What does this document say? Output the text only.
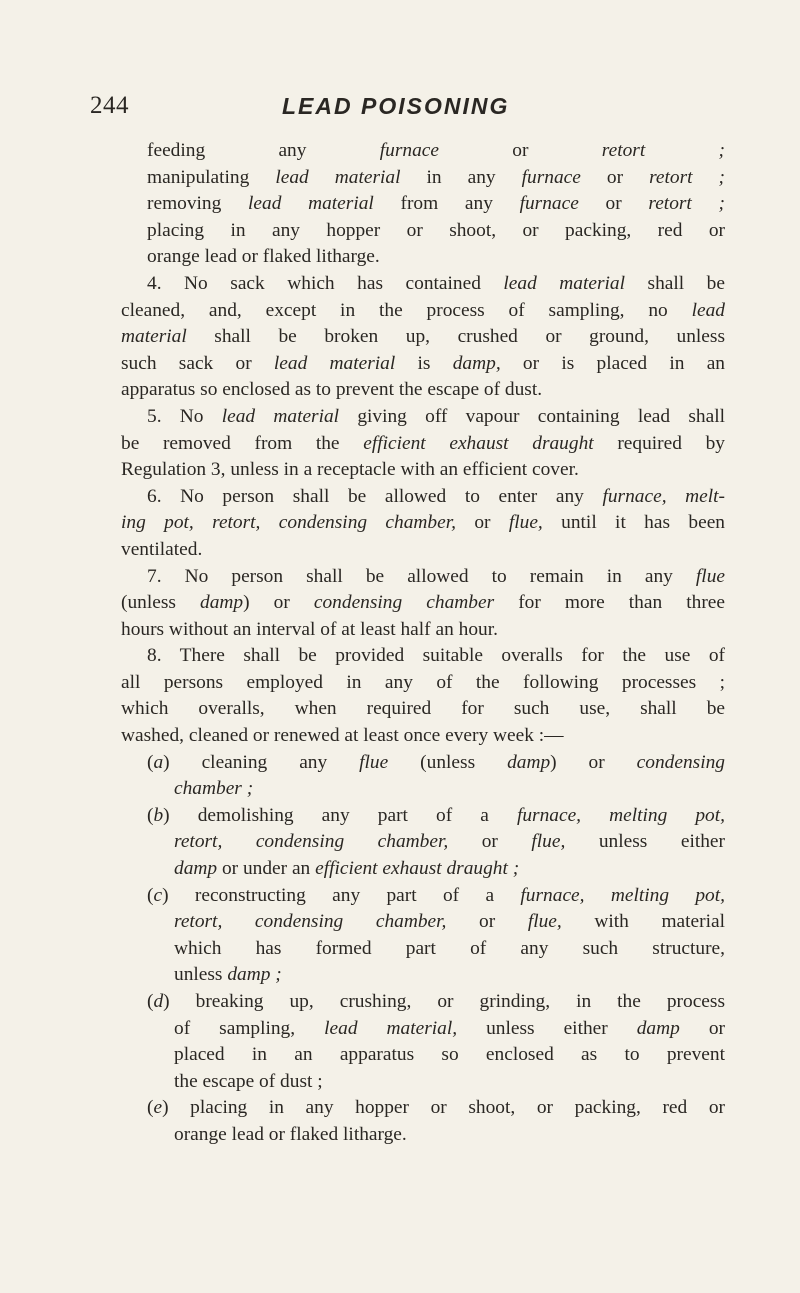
244	LEAD POISONING
feeding any furnace or retort ;
manipulating lead material in any furnace or retort ;
removing lead material from any furnace or retort ;
placing in any hopper or shoot, or packing, red or
orange lead or flaked litharge.
4. No sack which has contained lead material shall be
cleaned, and, except in the process of sampling, no lead
material shall be broken up, crushed or ground, unless
such sack or lead material is damp, or is placed in an
apparatus so enclosed as to prevent the escape of dust.
5. No lead material giving off vapour containing lead shall
be removed from the efficient exhaust draught required by
Regulation 3, unless in a receptacle with an efficient cover.
6. No person shall be allowed to enter any furnace, melt-
ing pot, retort, condensing chamber, or flue, until it has been
ventilated.
7. No person shall be allowed to remain in any flue
(unless damp) or condensing chamber for more than three
hours without an interval of at least half an hour.
8. There shall be provided suitable overalls for the use of
all persons employed in any of the following processes ;
which overalls, when required for such use, shall be
washed, cleaned or renewed at least once every week :—
(a) cleaning any flue (unless damp) or condensing
chamber ;
(b) demolishing any part of a furnace, melting pot,
retort, condensing chamber, or flue, unless either
damp or under an efficient exhaust draught ;
(c) reconstructing any part of a furnace, melting pot,
retort, condensing chamber, or flue, with material
which has formed part of any such structure,
unless damp ;
(d) breaking up, crushing, or grinding, in the process
of sampling, lead material, unless either damp or
placed in an apparatus so enclosed as to prevent
the escape of dust ;
(e) placing in any hopper or shoot, or packing, red or
orange lead or flaked litharge.
